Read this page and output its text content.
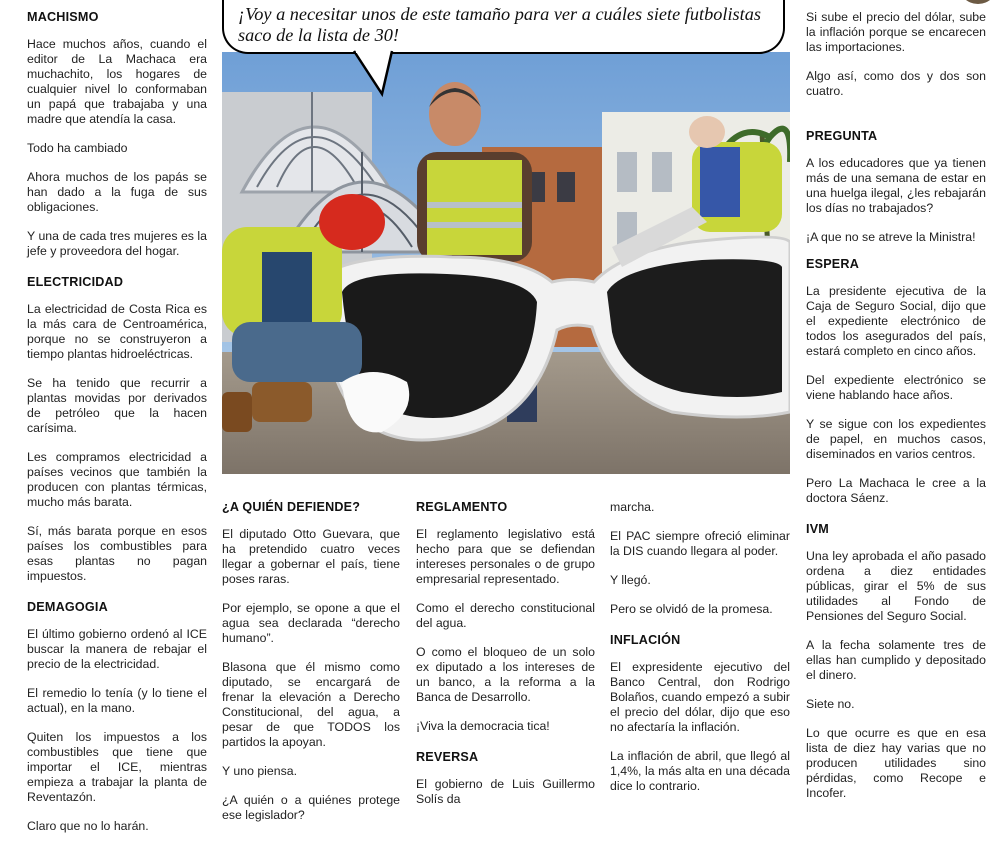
MACHISMO

Hace muchos años, cuando el editor de La Machaca era muchachito, los hogares de cualquier nivel lo conformaban un papá que trabajaba y una madre que atendía la casa.

Todo ha cambiado

Ahora muchos de los papás se han dado a la fuga de sus obligaciones.

Y una de cada tres mujeres es la jefe y proveedora del hogar.

ELECTRICIDAD

La electricidad de Costa Rica es la más cara de Centroamérica, porque no se construyeron a tiempo plantas hidroeléctricas.

Se ha tenido que recurrir a plantas movidas por derivados de petróleo que la hacen carísima.

Les compramos electricidad a países vecinos que también la producen con plantas térmicas, mucho más barata.

Sí, más barata porque en esos países los combustibles para esas plantas no pagan impuestos.

DEMAGOGIA

El último gobierno ordenó al ICE buscar la manera de rebajar el precio de la electricidad.

El remedio lo tenía (y lo tiene el actual), en la mano.

Quiten los impuestos a los combustibles que tiene que importar el ICE, mientras empieza a trabajar la planta de Reventazón.

Claro que no lo harán.

¡Voy a necesitar unos de este tamaño para ver a cuáles siete futbolistas saco de la lista de 30!
¿A QUIÉN DEFIENDE?

El diputado Otto Guevara, que ha pretendido cuatro veces llegar a gobernar el país, tiene poses raras.

Por ejemplo, se opone a que el agua sea declarada “derecho humano”.

Blasona que él mismo como diputado, se encargará de frenar la elevación a Derecho Constitucional, del agua, a pesar de que TODOS los partidos la apoyan.

Y uno piensa.

¿A quién o a quiénes protege ese legislador?

REGLAMENTO

El reglamento legislativo está hecho para que se defiendan intereses personales o de grupo empresarial representado.

Como el derecho constitucional del agua.

O como el bloqueo de un solo ex diputado a los intereses de un banco, a la reforma a la Banca de Desarrollo.

¡Viva la democracia tica!

REVERSA

El gobierno de Luis Guillermo Solís da

marcha.

El PAC siempre ofreció eliminar la DIS cuando llegara al poder.

Y llegó.

Pero se olvidó de la promesa.

INFLACIÓN

El expresidente ejecutivo del Banco Central, don Rodrigo Bolaños, cuando empezó a subir el precio del dólar, dijo que eso no afectaría la inflación.

La inflación de abril, que llegó al 1,4%, la más alta en una década dice lo contrario.

Si sube el precio del dólar, sube la inflación porque se encarecen las importaciones.

Algo así, como dos y dos son cuatro.

PREGUNTA

A los educadores que ya tienen más de una semana de estar en una huelga ilegal, ¿les rebajarán los días no trabajados?

¡A que no se atreve la Ministra!

ESPERA

La presidente ejecutiva de la Caja de Seguro Social, dijo que el expediente electrónico de todos los asegurados del país, estará completo en cinco años.

Del expediente electrónico se viene hablando hace años.

Y se sigue con los expedientes de papel, en muchos casos, diseminados en varios centros.

Pero La Machaca le cree a la doctora Sáenz.

IVM

Una ley aprobada el año pasado ordena a diez entidades públicas, girar el 5% de sus utilidades al Fondo de Pensiones del Seguro Social.

A la fecha solamente tres de ellas han cumplido y depositado el dinero.

Siete no.

Lo que ocurre es que en esa lista de diez hay varias que no producen utilidades sino pérdidas, como Recope e Incofer.
